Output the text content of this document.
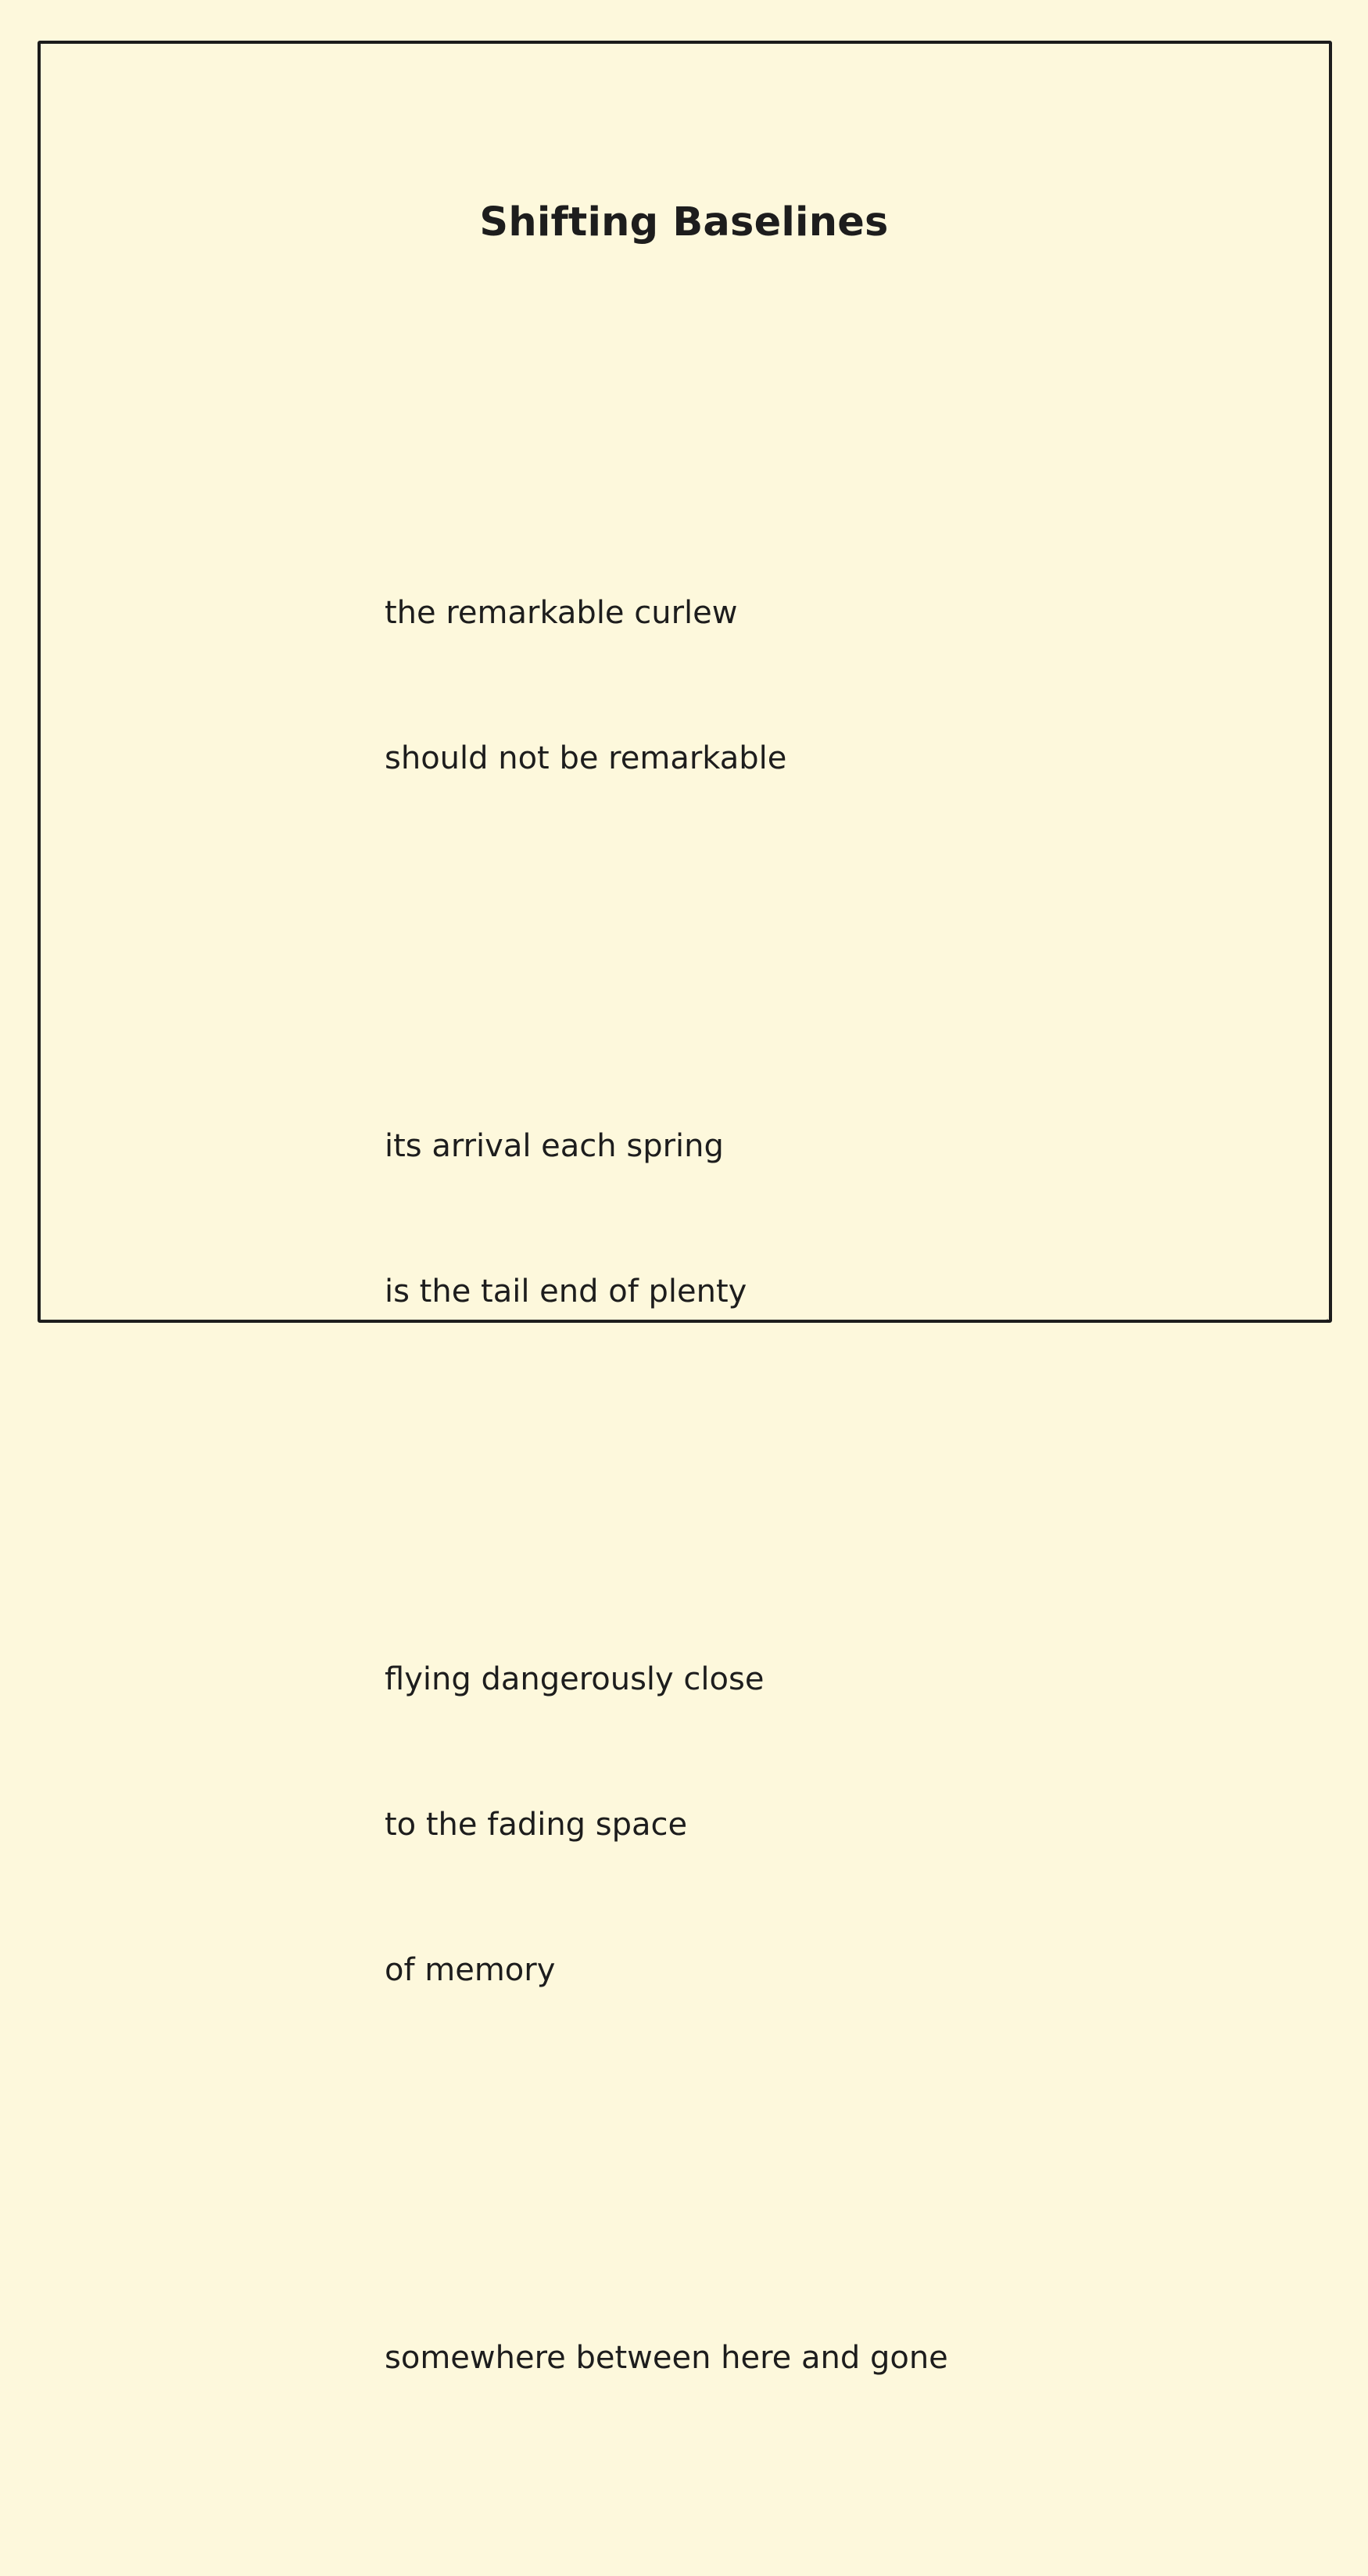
Shifting Baselines

the remarkable curlew

should not be remarkable

its arrival each spring

is the tail end of plenty

flying dangerously close

to the fading space

of memory

somewhere between here and gone
